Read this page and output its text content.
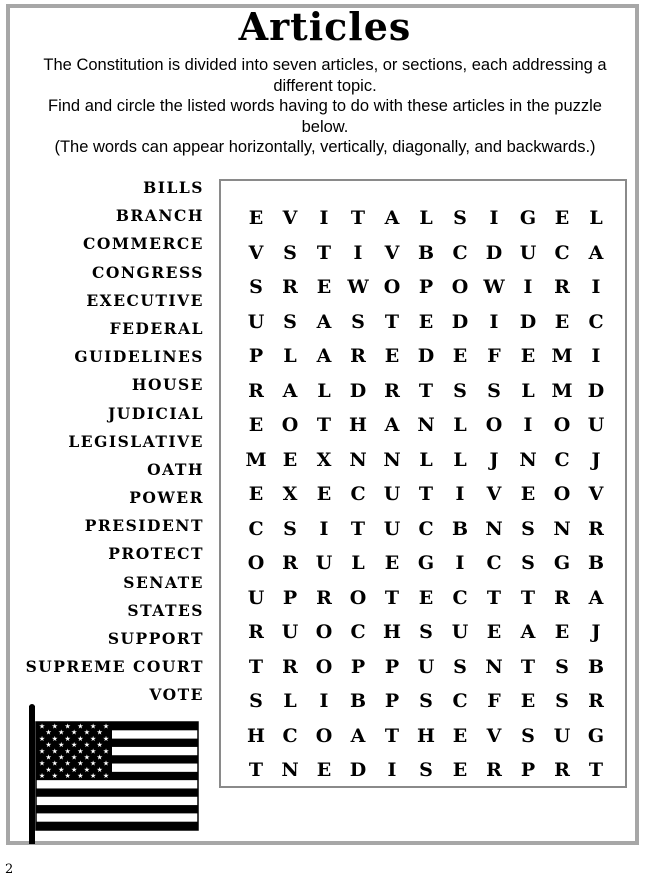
Articles

The Constitution is divided into seven articles, or sections, each addressing a different topic.

Find and circle the listed words having to do with these articles in the puzzle below.

(The words can appear horizontally, vertically, diagonally, and backwards.)

BILLS
BRANCH
COMMERCE
CONGRESS
EXECUTIVE
FEDERAL
GUIDELINES
HOUSE
JUDICIAL
LEGISLATIVE
OATH
POWER
PRESIDENT
PROTECT
SENATE
STATES
SUPPORT
SUPREME COURT
VOTE
E	V	I	T	A	L	S	I	G E	L
V	S	T	I	V B C D U C	A
S	R E W O P O W I	R	I
U S	A	S	T	E D	I	D E	C
P	L	A R E D E	F	E M	I
R A	L	D R	T	S	S	L M D
E O T H A N L	O	I	O U
M E	X N N L	L	J	N C	J
E	X	E	C U T	I	V	E O V
C	S	I	T U C B N S N R
O R U	L	E G	I	C	S	G B
U P R O T	E	C	T	T	R A
R U O C H S U E	A	E	J
T	R O P	P U S N T	S	B
S	L	I	B P	S	C	F	E	S	R
H C O A	T H E	V	S U G
T N E D	I	S	E R P R	T
★ ★ ★ ★ ★ ★
★ ★ ★ ★ ★
★ ★ ★ ★ ★ ★
★ ★ ★ ★ ★
★ ★ ★ ★ ★ ★
★ ★ ★ ★ ★
★ ★ ★ ★ ★ ★
★ ★ ★ ★ ★
★ ★ ★ ★ ★ ★
2
